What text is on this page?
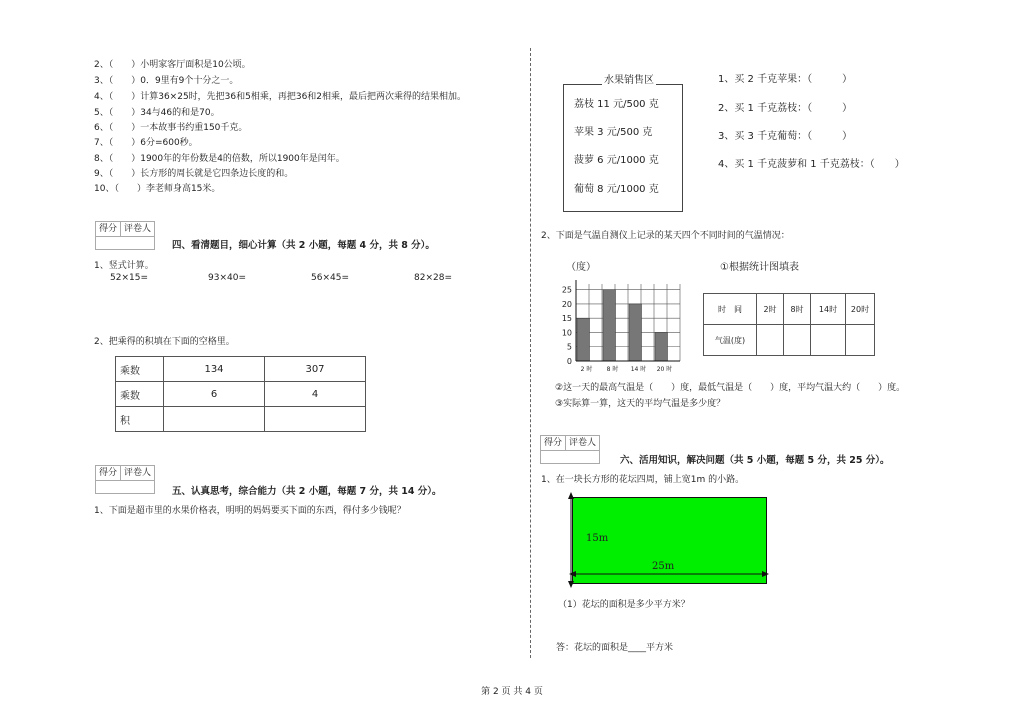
2、（　　）小明家客厅面积是10公顷。
3、（　　）0．9里有9个十分之一。
4、（　　）计算36×25时，先把36和5相乘，再把36和2相乘，最后把两次乘得的结果相加。
5、（　　）34与46的和是70。
6、（　　）一本故事书约重150千克。
7、（　　）6分=600秒。
8、（　　）1900年的年份数是4的倍数，所以1900年是闰年。
9、（　　）长方形的周长就是它四条边长度的和。
10、（　　）李老师身高15米。
得分 评卷人
四、看清题目，细心计算（共 2 小题，每题 4 分，共 8 分）。
1、竖式计算。
52×15=	93×40=	56×45=	82×28=
2、把乘得的积填在下面的空格里。
乘数	134	307
乘数	6	4
积		
得分 评卷人
五、认真思考，综合能力（共 2 小题，每题 7 分，共 14 分）。
1、下面是超市里的水果价格表，明明的妈妈要买下面的东西，得付多少钱呢？
水果销售区
荔枝 11 元/500 克
苹果 3 元/500 克
菠萝 6 元/1000 克
葡萄 8 元/1000 克
1、买 2 千克苹果：（　　　）
2、买 1 千克荔枝：（　　　）
3、买 3 千克葡萄：（　　　）
4、买 1 千克菠萝和 1 千克荔枝：（　　）
2、下面是气温自测仪上记录的某天四个不同时间的气温情况：
（度）	①根据统计图填表
0
5
10
15
20
25
2 时 8 时 14 时 20 时
时　间	2时	8时	14时	20时
气温(度)				
②这一天的最高气温是（　　）度，最低气温是（　　）度，平均气温大约（　　）度。
③实际算一算，这天的平均气温是多少度？
得分 评卷人
六、活用知识，解决问题（共 5 小题，每题 5 分，共 25 分）。
1、在一块长方形的花坛四周，铺上宽1m 的小路。
15m
25m
（1）花坛的面积是多少平方米？
答：花坛的面积是____平方米
第 2 页 共 4 页
